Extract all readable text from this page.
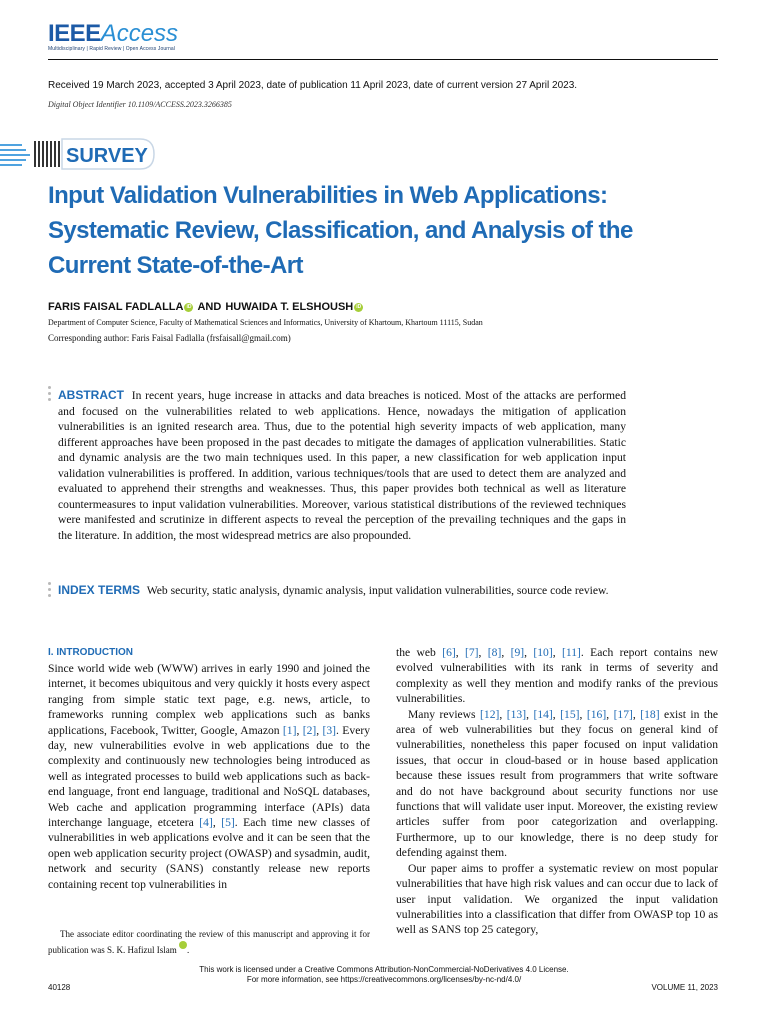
IEEEAccess
Multidisciplinary | Rapid Review | Open Access Journal
Received 19 March 2023, accepted 3 April 2023, date of publication 11 April 2023, date of current version 27 April 2023.
Digital Object Identifier 10.1109/ACCESS.2023.3266385
SURVEY
Input Validation Vulnerabilities in Web Applications: Systematic Review, Classification, and Analysis of the Current State-of-the-Art
FARIS FAISAL FADLALLA iD AND HUWAIDA T. ELSHOUSH iD
Department of Computer Science, Faculty of Mathematical Sciences and Informatics, University of Khartoum, Khartoum 11115, Sudan
Corresponding author: Faris Faisal Fadlalla (frsfaisall@gmail.com)
ABSTRACT In recent years, huge increase in attacks and data breaches is noticed. Most of the attacks are performed and focused on the vulnerabilities related to web applications. Hence, nowadays the mitigation of application vulnerabilities is an ignited research area. Thus, due to the potential high severity impacts of web application, many different approaches have been proposed in the past decades to mitigate the damages of application vulnerabilities. Static and dynamic analysis are the two main techniques used. In this paper, a new classification for web application input validation vulnerabilities is proffered. In addition, various techniques/tools that are used to detect them are analyzed and evaluated to apprehend their strengths and weaknesses. Thus, this paper provides both technical as well as literature countermeasures to input validation vulnerabilities. Moreover, various statistical distributions of the reviewed techniques were manifested and scrutinize in different aspects to reveal the perception of the prevailing techniques and the gaps in the literature. In addition, the most widespread metrics are also propounded.
INDEX TERMS Web security, static analysis, dynamic analysis, input validation vulnerabilities, source code review.
I. INTRODUCTION

Since world wide web (WWW) arrives in early 1990 and joined the internet, it becomes ubiquitous and very quickly it hosts every aspect ranging from simple static text page, e.g. news, article, to frameworks running complex web applications such as banks applications, Facebook, Twitter, Google, Amazon [1], [2], [3]. Every day, new vulnerabilities evolve in web applications due to the complexity and continuously new technologies being introduced as well as integrated processes to build web applications such as back-end language, front end language, traditional and NoSQL databases, Web cache and application programming interface (APIs) data interchange language, etcetera [4], [5]. Each time new classes of vulnerabilities in web applications evolve and it can be seen that the open web application security project (OWASP) and sysadmin, audit, network and security (SANS) constantly release new reports containing recent top vulnerabilities in

the web [6], [7], [8], [9], [10], [11]. Each report contains new evolved vulnerabilities with its rank in terms of severity and complexity as well they mention and modify ranks of the previous vulnerabilities.

Many reviews [12], [13], [14], [15], [16], [17], [18] exist in the area of web vulnerabilities but they focus on general kind of vulnerabilities, nonetheless this paper focused on input validation issues, that occur in cloud-based or in house based application because these issues result from programmers that write software and do not have background about security functions nor use functions that will validate user input. Moreover, the existing review articles suffer from poor categorization and overlapping. Furthermore, up to our knowledge, there is no deep study for defending against them.

Our paper aims to proffer a systematic review on most popular vulnerabilities that have high risk values and can occur due to lack of user input validation. We organized the input validation vulnerabilities into a classification that differ from OWASP top 10 as well as SANS top 25 category,

The associate editor coordinating the review of this manuscript and approving it for publication was S. K. Hafizul Islam .
This work is licensed under a Creative Commons Attribution-NonCommercial-NoDerivatives 4.0 License.
For more information, see https://creativecommons.org/licenses/by-nc-nd/4.0/
40128	VOLUME 11, 2023
